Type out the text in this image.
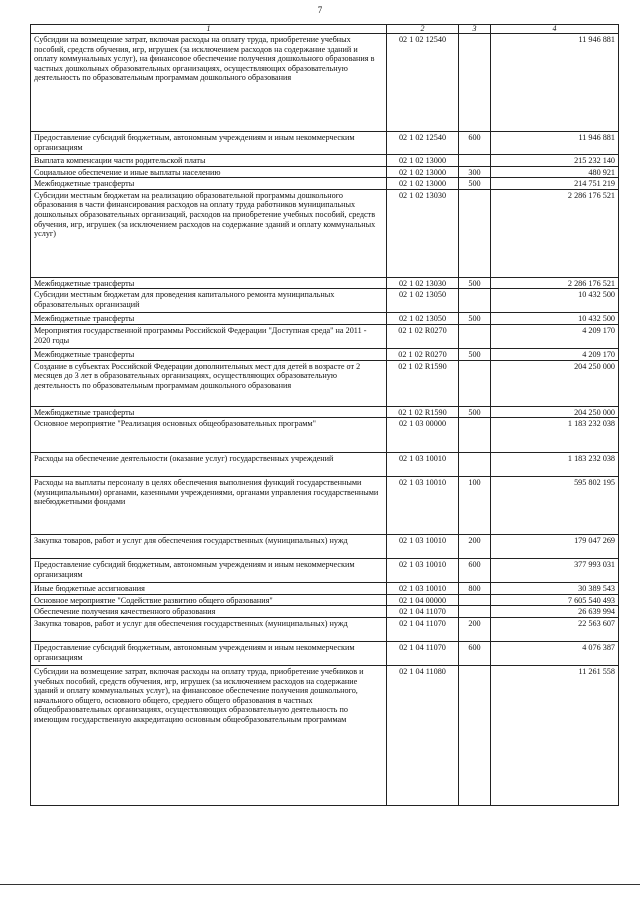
7
1	2	3	4
Субсидии на возмещение затрат, включая расходы на оплату труда, приобретение учебных пособий, средств обучения, игр, игрушек (за исключением расходов на содержание зданий и оплату коммунальных услуг), на финансовое обеспечение получения дошкольного образования в частных дошкольных образовательных организациях, осуществляющих образовательную деятельность по образовательным программам дошкольного образования	02 1 02 12540		11 946 881
Предоставление субсидий бюджетным, автономным учреждениям и иным некоммерческим организациям	02 1 02 12540	600	11 946 881
Выплата компенсации части родительской платы	02 1 02 13000		215 232 140
Социальное обеспечение и иные выплаты населению	02 1 02 13000	300	480 921
Межбюджетные трансферты	02 1 02 13000	500	214 751 219
Субсидии местным бюджетам на реализацию образовательной программы дошкольного образования в части финансирования расходов на оплату труда работников муниципальных дошкольных образовательных организаций, расходов на приобретение учебных пособий, средств обучения, игр, игрушек (за исключением расходов на содержание зданий и оплату коммунальных услуг)	02 1 02 13030		2 286 176 521
Межбюджетные трансферты	02 1 02 13030	500	2 286 176 521
Субсидии местным бюджетам для проведения капитального ремонта муниципальных образовательных организаций	02 1 02 13050		10 432 500
Межбюджетные трансферты	02 1 02 13050	500	10 432 500
Мероприятия государственной программы Российской Федерации "Доступная среда" на 2011 - 2020 годы	02 1 02 R0270		4 209 170
Межбюджетные трансферты	02 1 02 R0270	500	4 209 170
Создание в субъектах Российской Федерации дополнительных мест для детей в возрасте от 2 месяцев до 3 лет в образовательных организациях, осуществляющих образовательную деятельность по образовательным программам дошкольного образования	02 1 02 R1590		204 250 000
Межбюджетные трансферты	02 1 02 R1590	500	204 250 000
Основное мероприятие "Реализация основных общеобразовательных программ"	02 1 03 00000		1 183 232 038
Расходы на обеспечение деятельности (оказание услуг) государственных учреждений	02 1 03 10010		1 183 232 038
Расходы на выплаты персоналу в целях обеспечения выполнения функций государственными (муниципальными) органами, казенными учреждениями, органами управления государственными внебюджетными фондами	02 1 03 10010	100	595 802 195
Закупка товаров, работ и услуг для обеспечения государственных (муниципальных) нужд	02 1 03 10010	200	179 047 269
Предоставление субсидий бюджетным, автономным учреждениям и иным некоммерческим организациям	02 1 03 10010	600	377 993 031
Иные бюджетные ассигнования	02 1 03 10010	800	30 389 543
Основное мероприятие "Содействие развитию общего образования"	02 1 04 00000		7 605 540 493
Обеспечение получения качественного образования	02 1 04 11070		26 639 994
Закупка товаров, работ и услуг для обеспечения государственных (муниципальных) нужд	02 1 04 11070	200	22 563 607
Предоставление субсидий бюджетным, автономным учреждениям и иным некоммерческим организациям	02 1 04 11070	600	4 076 387
Субсидии на возмещение затрат, включая расходы на оплату труда, приобретение учебников и учебных пособий, средств обучения, игр, игрушек (за исключением расходов на содержание зданий и оплату коммунальных услуг), на финансовое обеспечение получения дошкольного, начального общего, основного общего, среднего общего образования в частных общеобразовательных организациях, осуществляющих образовательную деятельность по имеющим государственную аккредитацию основным общеобразовательным программам	02 1 04 11080		11 261 558
